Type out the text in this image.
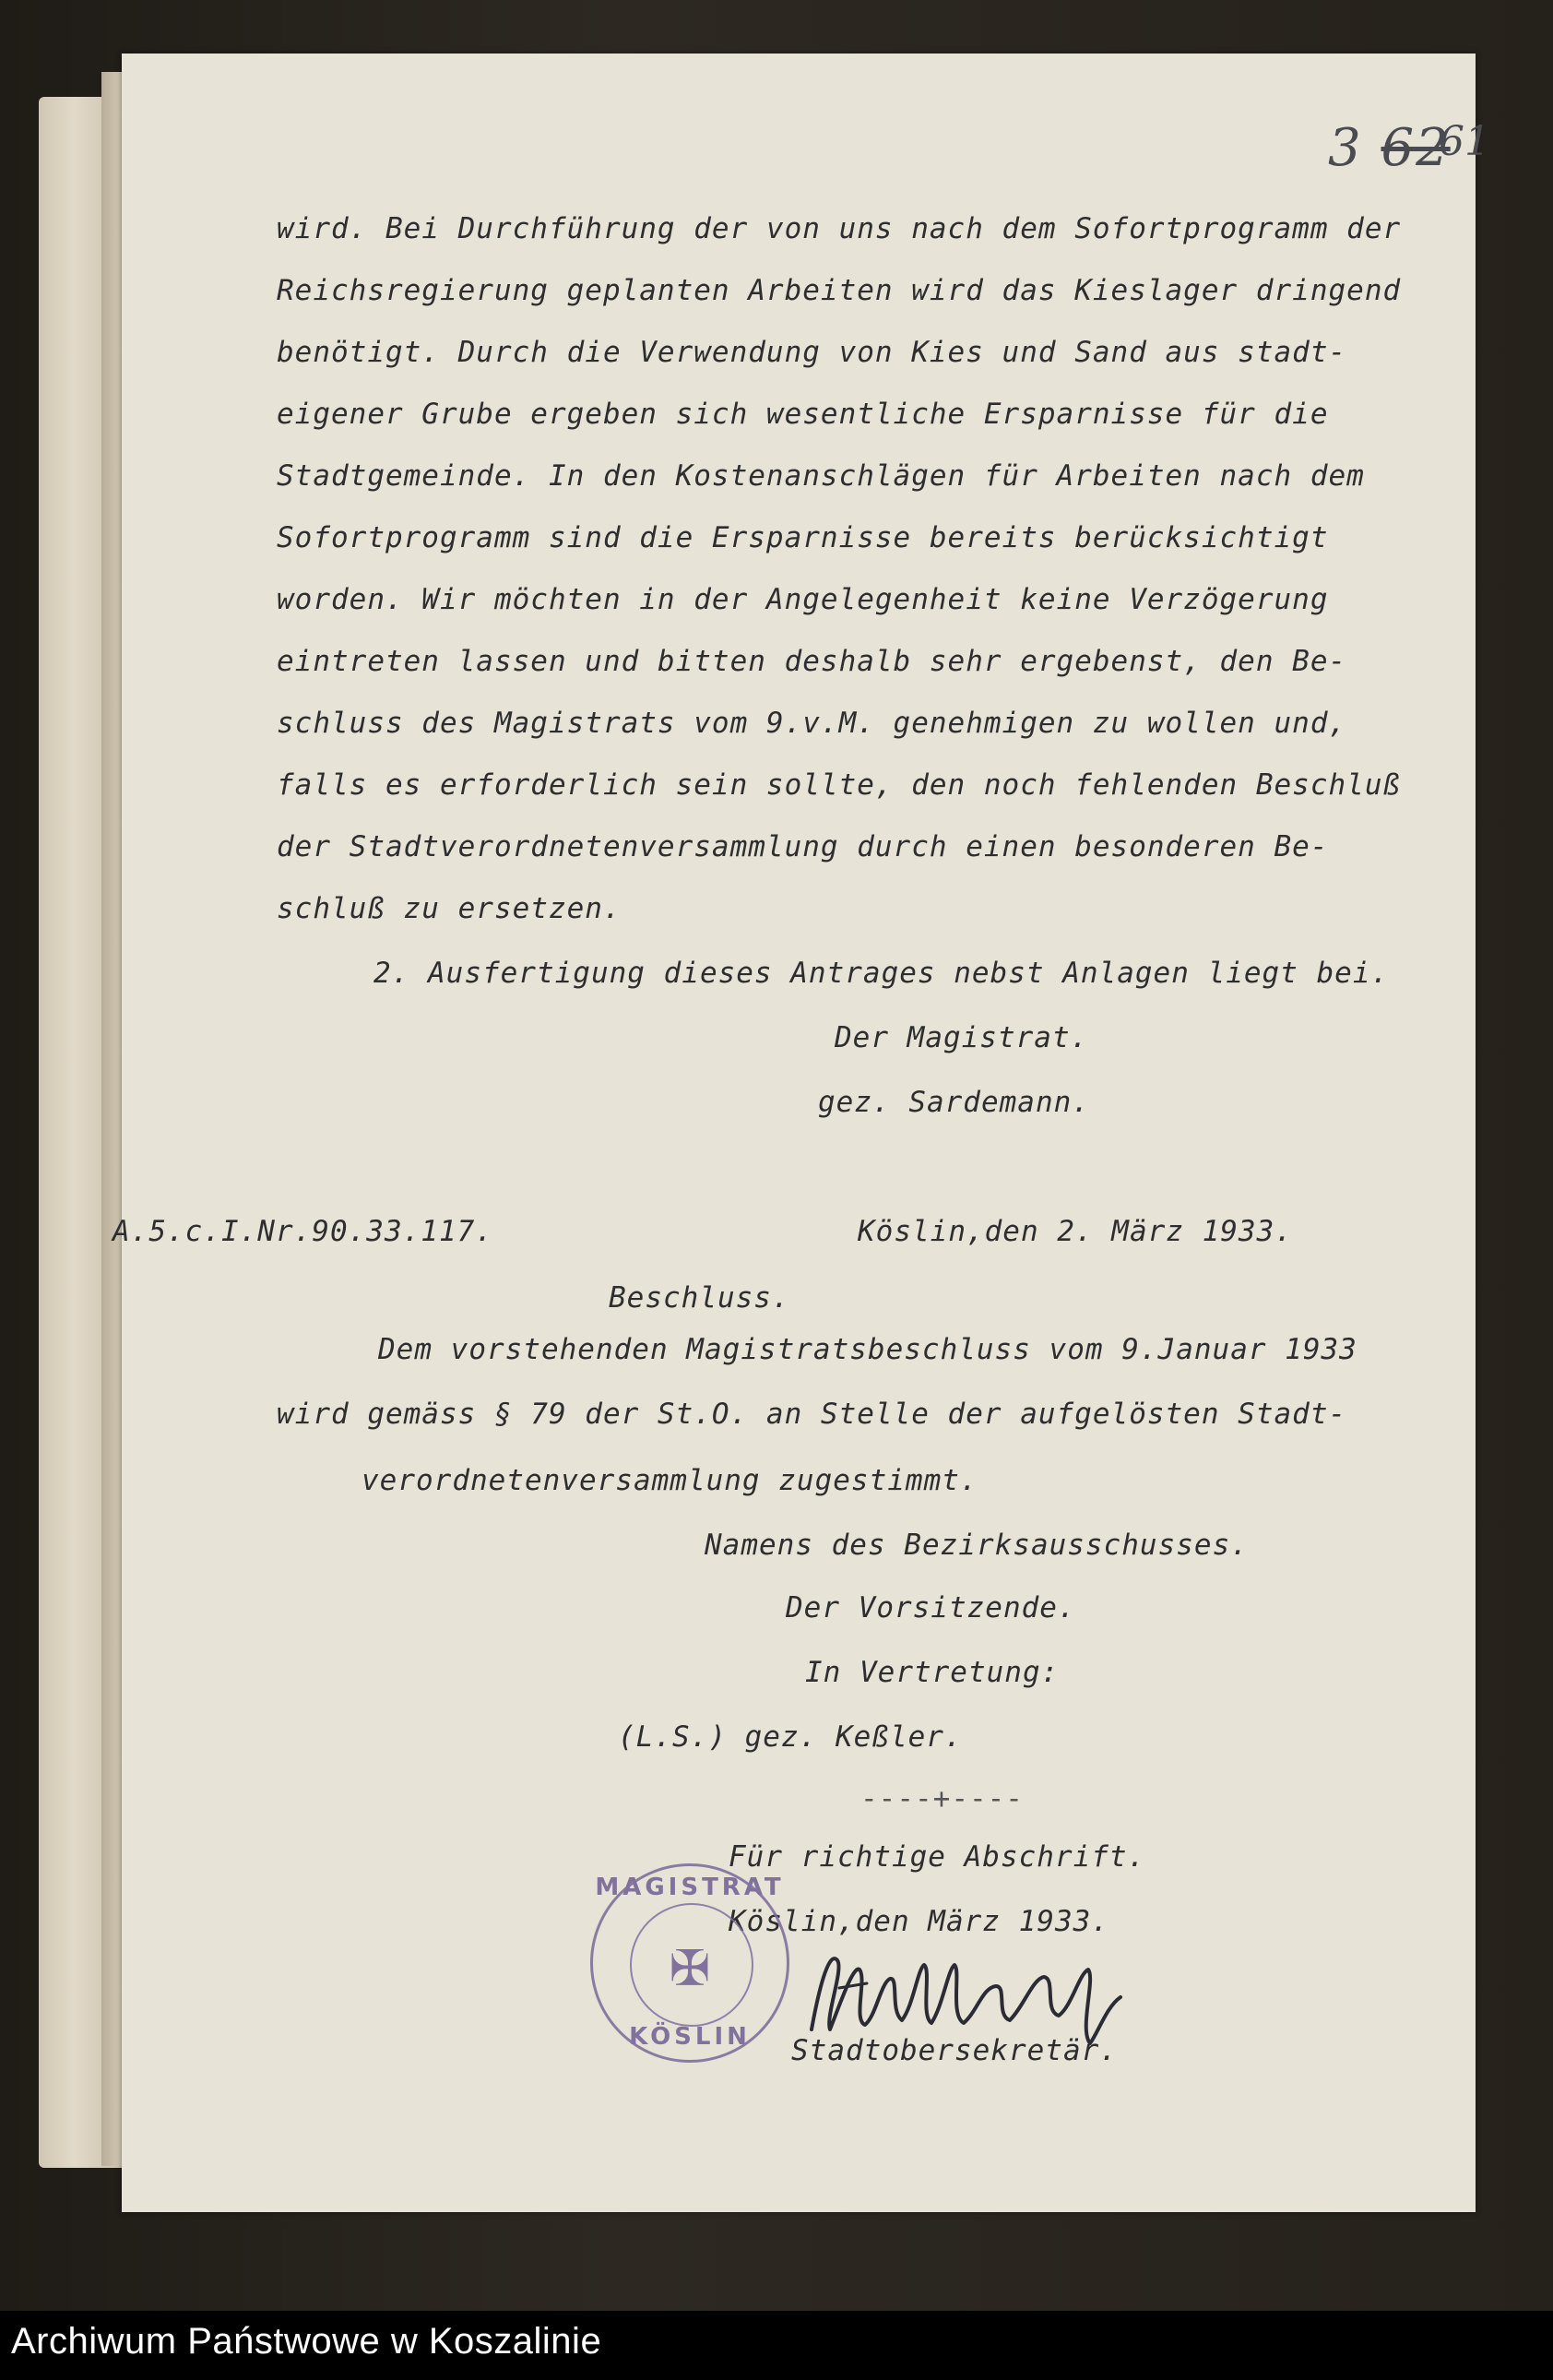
3 62
61
wird. Bei Durchführung der von uns nach dem Sofortprogramm der
Reichsregierung geplanten Arbeiten wird das Kieslager dringend
benötigt. Durch die Verwendung von Kies und Sand aus stadt-
eigener Grube ergeben sich wesentliche Ersparnisse für die
Stadtgemeinde. In den Kostenanschlägen für Arbeiten nach dem
Sofortprogramm sind die Ersparnisse bereits berücksichtigt
worden. Wir möchten in der Angelegenheit keine Verzögerung
eintreten lassen und bitten deshalb sehr ergebenst, den Be-
schluss des Magistrats vom 9.v.M. genehmigen zu wollen und,
falls es erforderlich sein sollte, den noch fehlenden Beschluß
der Stadtverordnetenversammlung durch einen besonderen Be-
schluß zu ersetzen.
2. Ausfertigung dieses Antrages nebst Anlagen liegt bei.
Der Magistrat.
gez. Sardemann.
A.5.c.I.Nr.90.33.117.	Köslin,den 2. März 1933.
Beschluss.
Dem vorstehenden Magistratsbeschluss vom 9.Januar 1933
wird gemäss § 79 der St.O. an Stelle der aufgelösten Stadt-
verordnetenversammlung zugestimmt.
Namens des Bezirksausschusses.
Der Vorsitzende.
In Vertretung:
(L.S.) gez. Keßler.
----+----
Für richtige Abschrift.
Köslin,den März 1933.
MAGISTRAT
✠
KÖSLIN	Stadtobersekretär.
Archiwum Państwowe w Koszalinie
